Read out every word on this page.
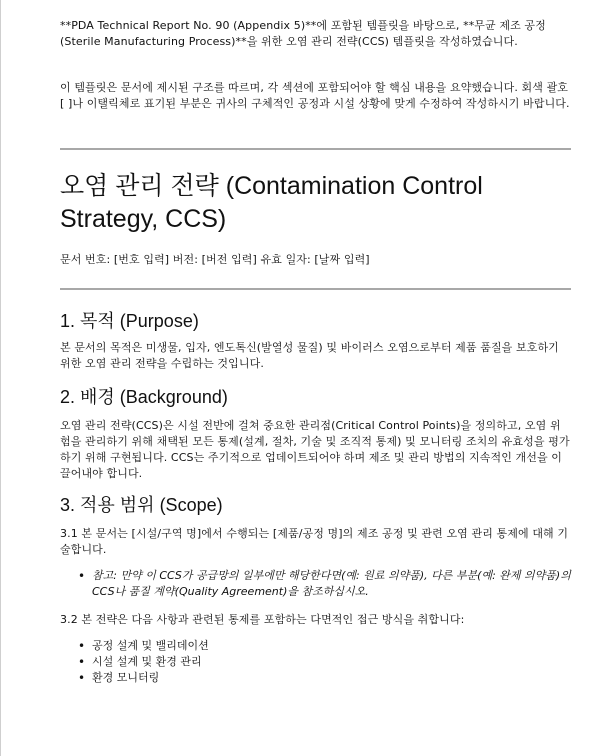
**PDA Technical Report No. 90 (Appendix 5)**에 포함된 템플릿을 바탕으로, **무균 제조 공정(Sterile Manufacturing Process)**을 위한 오염 관리 전략(CCS) 템플릿을 작성하였습니다.

이 템플릿은 문서에 제시된 구조를 따르며, 각 섹션에 포함되어야 할 핵심 내용을 요약했습니다. 회색 괄호 [ ]나 이탤릭체로 표기된 부분은 귀사의 구체적인 공정과 시설 상황에 맞게 수정하여 작성하시기 바랍니다.

오염 관리 전략 (Contamination Control Strategy, CCS)

문서 번호: [번호 입력] 버전: [버전 입력] 유효 일자: [날짜 입력]

1. 목적 (Purpose)

본 문서의 목적은 미생물, 입자, 엔도톡신(발열성 물질) 및 바이러스 오염으로부터 제품 품질을 보호하기 위한 오염 관리 전략을 수립하는 것입니다.

2. 배경 (Background)

오염 관리 전략(CCS)은 시설 전반에 걸쳐 중요한 관리점(Critical Control Points)을 정의하고, 오염 위험을 관리하기 위해 채택된 모든 통제(설계, 절차, 기술 및 조직적 통제) 및 모니터링 조치의 유효성을 평가하기 위해 구현됩니다. CCS는 주기적으로 업데이트되어야 하며 제조 및 관리 방법의 지속적인 개선을 이끌어내야 합니다.

3. 적용 범위 (Scope)

3.1 본 문서는 [시설/구역 명]에서 수행되는 [제품/공정 명]의 제조 공정 및 관련 오염 관리 통제에 대해 기술합니다.

• 참고: 만약 이 CCS가 공급망의 일부에만 해당한다면(예: 원료 의약품), 다른 부분(예: 완제 의약품)의 CCS나 품질 계약(Quality Agreement)을 참조하십시오.

3.2 본 전략은 다음 사항과 관련된 통제를 포함하는 다면적인 접근 방식을 취합니다:

• 공정 설계 및 밸리데이션
• 시설 설계 및 환경 관리
• 환경 모니터링
